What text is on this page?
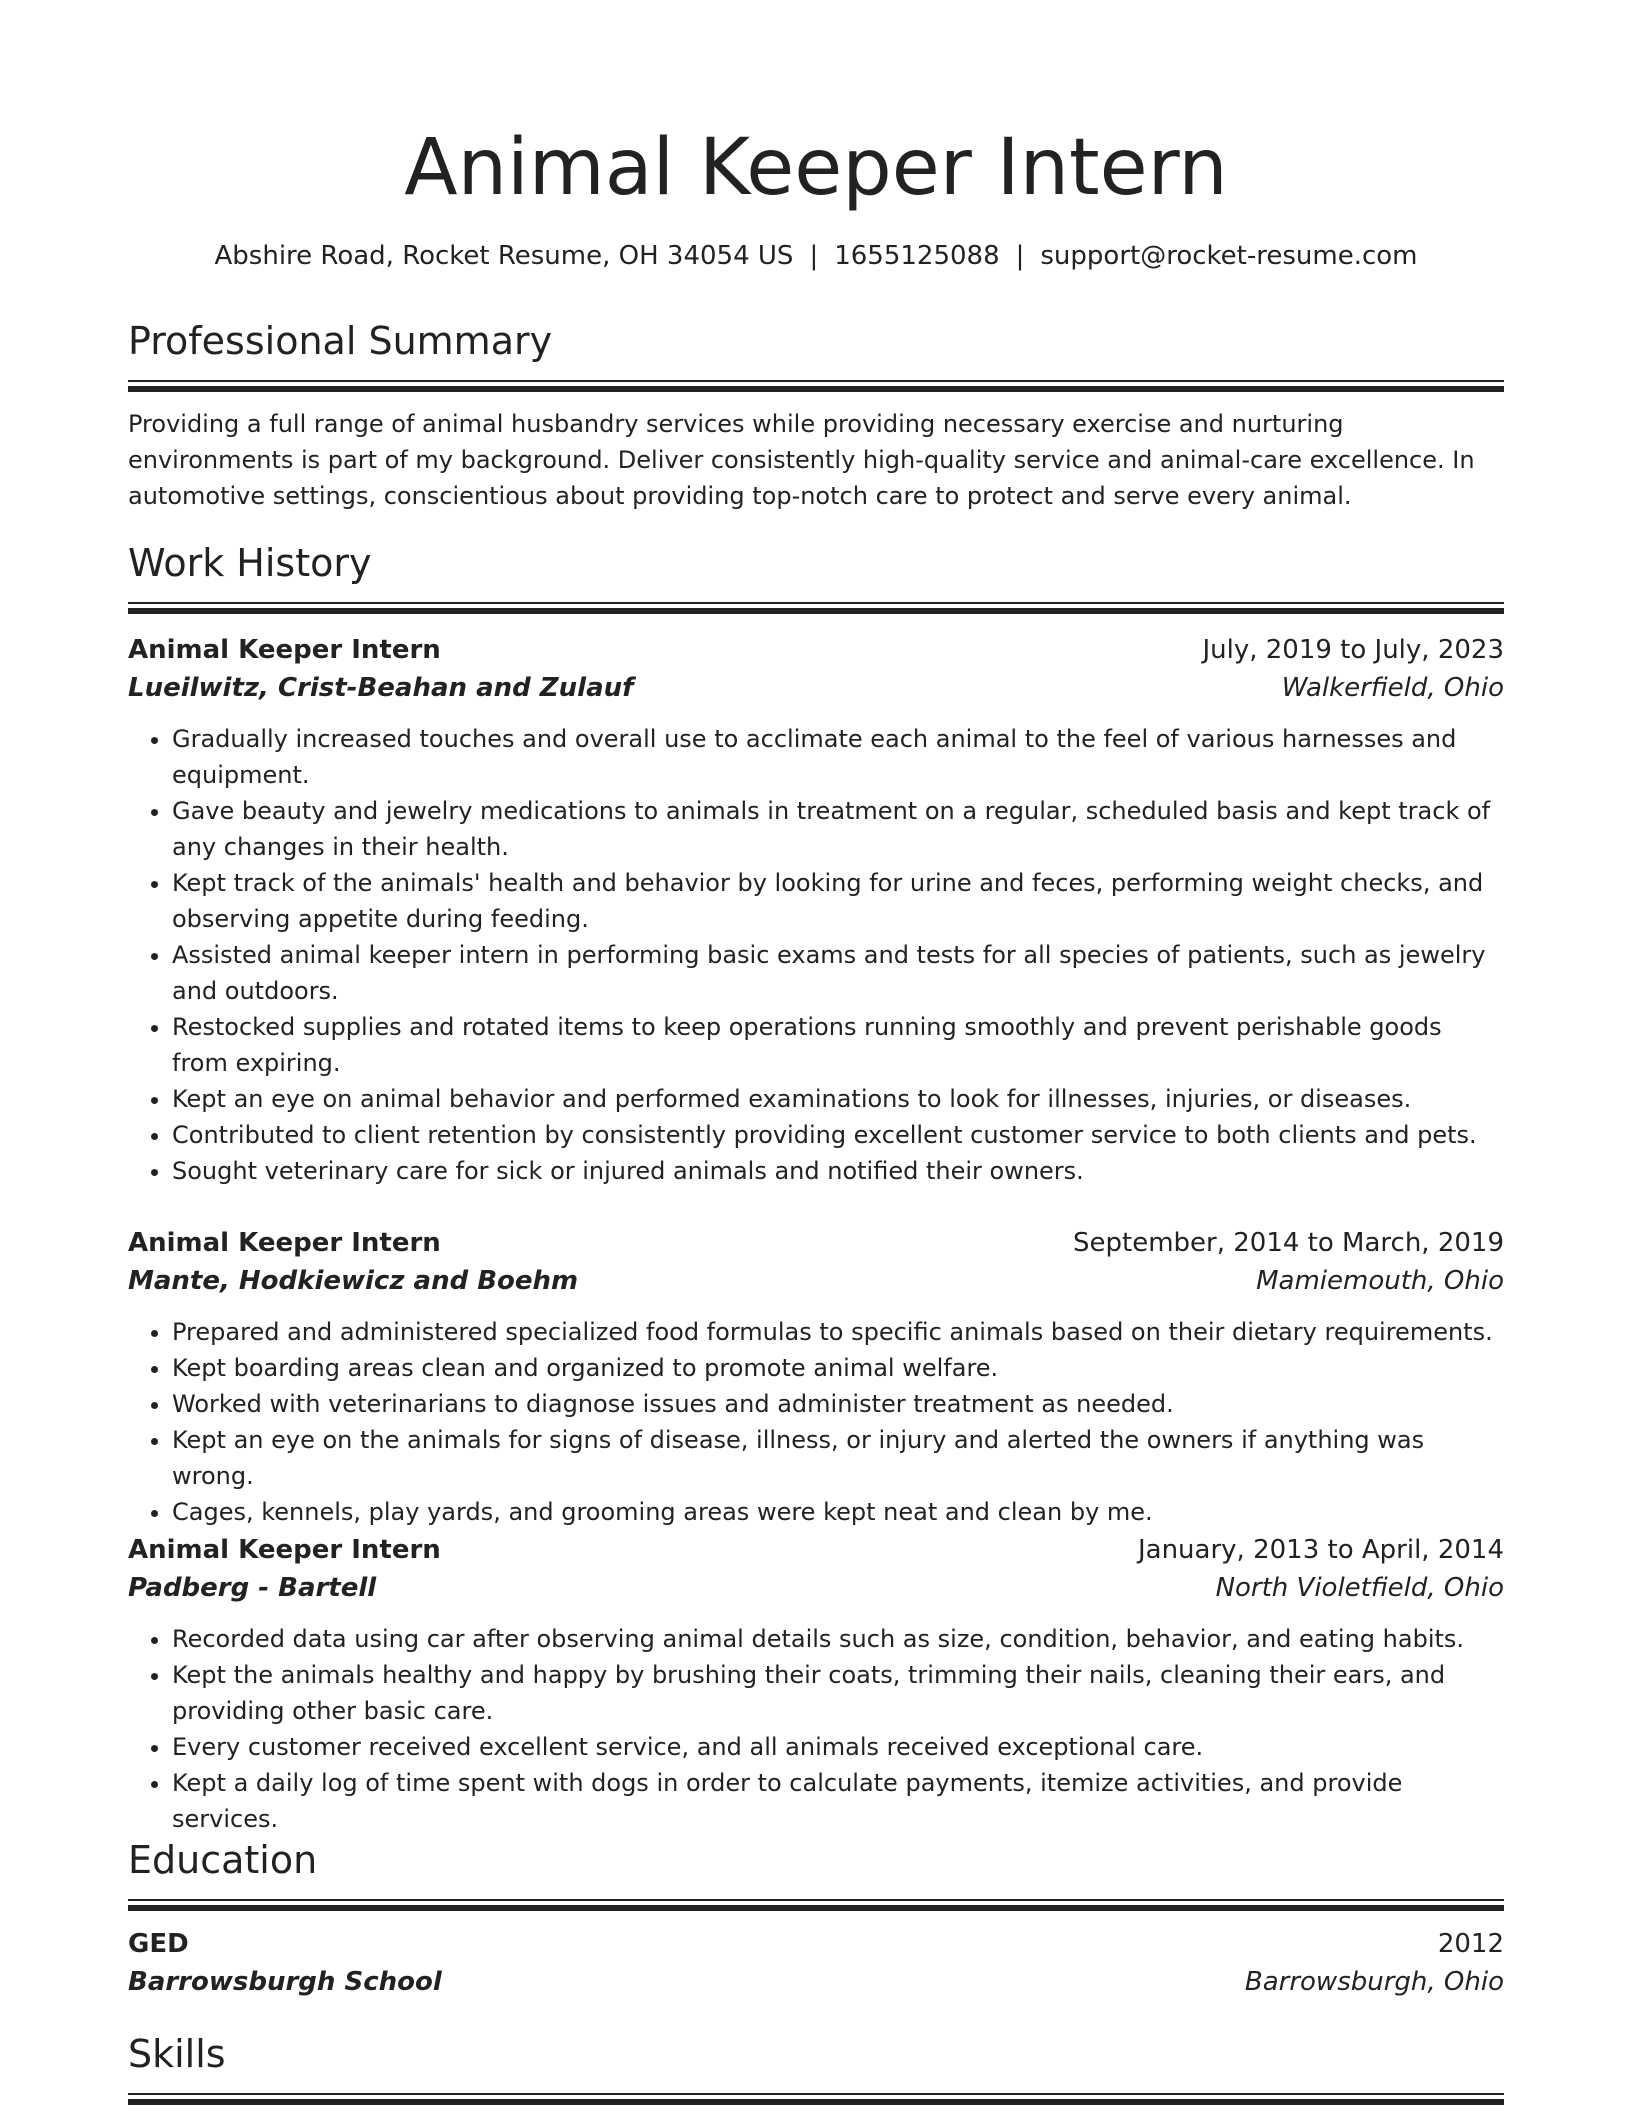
Animal Keeper Intern
Abshire Road, Rocket Resume, OH 34054 US | 1655125088 | support@rocket-resume.com
Professional Summary
Providing a full range of animal husbandry services while providing necessary exercise and nurturing environments is part of my background. Deliver consistently high-quality service and animal-care excellence. In automotive settings, conscientious about providing top-notch care to protect and serve every animal.
Work History
Animal Keeper Intern	July, 2019 to July, 2023
Lueilwitz, Crist-Beahan and Zulauf	Walkerfield, Ohio
• Gradually increased touches and overall use to acclimate each animal to the feel of various harnesses and equipment.
• Gave beauty and jewelry medications to animals in treatment on a regular, scheduled basis and kept track of any changes in their health.
• Kept track of the animals' health and behavior by looking for urine and feces, performing weight checks, and observing appetite during feeding.
• Assisted animal keeper intern in performing basic exams and tests for all species of patients, such as jewelry and outdoors.
• Restocked supplies and rotated items to keep operations running smoothly and prevent perishable goods from expiring.
• Kept an eye on animal behavior and performed examinations to look for illnesses, injuries, or diseases.
• Contributed to client retention by consistently providing excellent customer service to both clients and pets.
• Sought veterinary care for sick or injured animals and notified their owners.
Animal Keeper Intern	September, 2014 to March, 2019
Mante, Hodkiewicz and Boehm	Mamiemouth, Ohio
• Prepared and administered specialized food formulas to specific animals based on their dietary requirements.
• Kept boarding areas clean and organized to promote animal welfare.
• Worked with veterinarians to diagnose issues and administer treatment as needed.
• Kept an eye on the animals for signs of disease, illness, or injury and alerted the owners if anything was wrong.
• Cages, kennels, play yards, and grooming areas were kept neat and clean by me.
Animal Keeper Intern	January, 2013 to April, 2014
Padberg - Bartell	North Violetfield, Ohio
• Recorded data using car after observing animal details such as size, condition, behavior, and eating habits.
• Kept the animals healthy and happy by brushing their coats, trimming their nails, cleaning their ears, and providing other basic care.
• Every customer received excellent service, and all animals received exceptional care.
• Kept a daily log of time spent with dogs in order to calculate payments, itemize activities, and provide services.
Education
GED	2012
Barrowsburgh School	Barrowsburgh, Ohio
Skills
